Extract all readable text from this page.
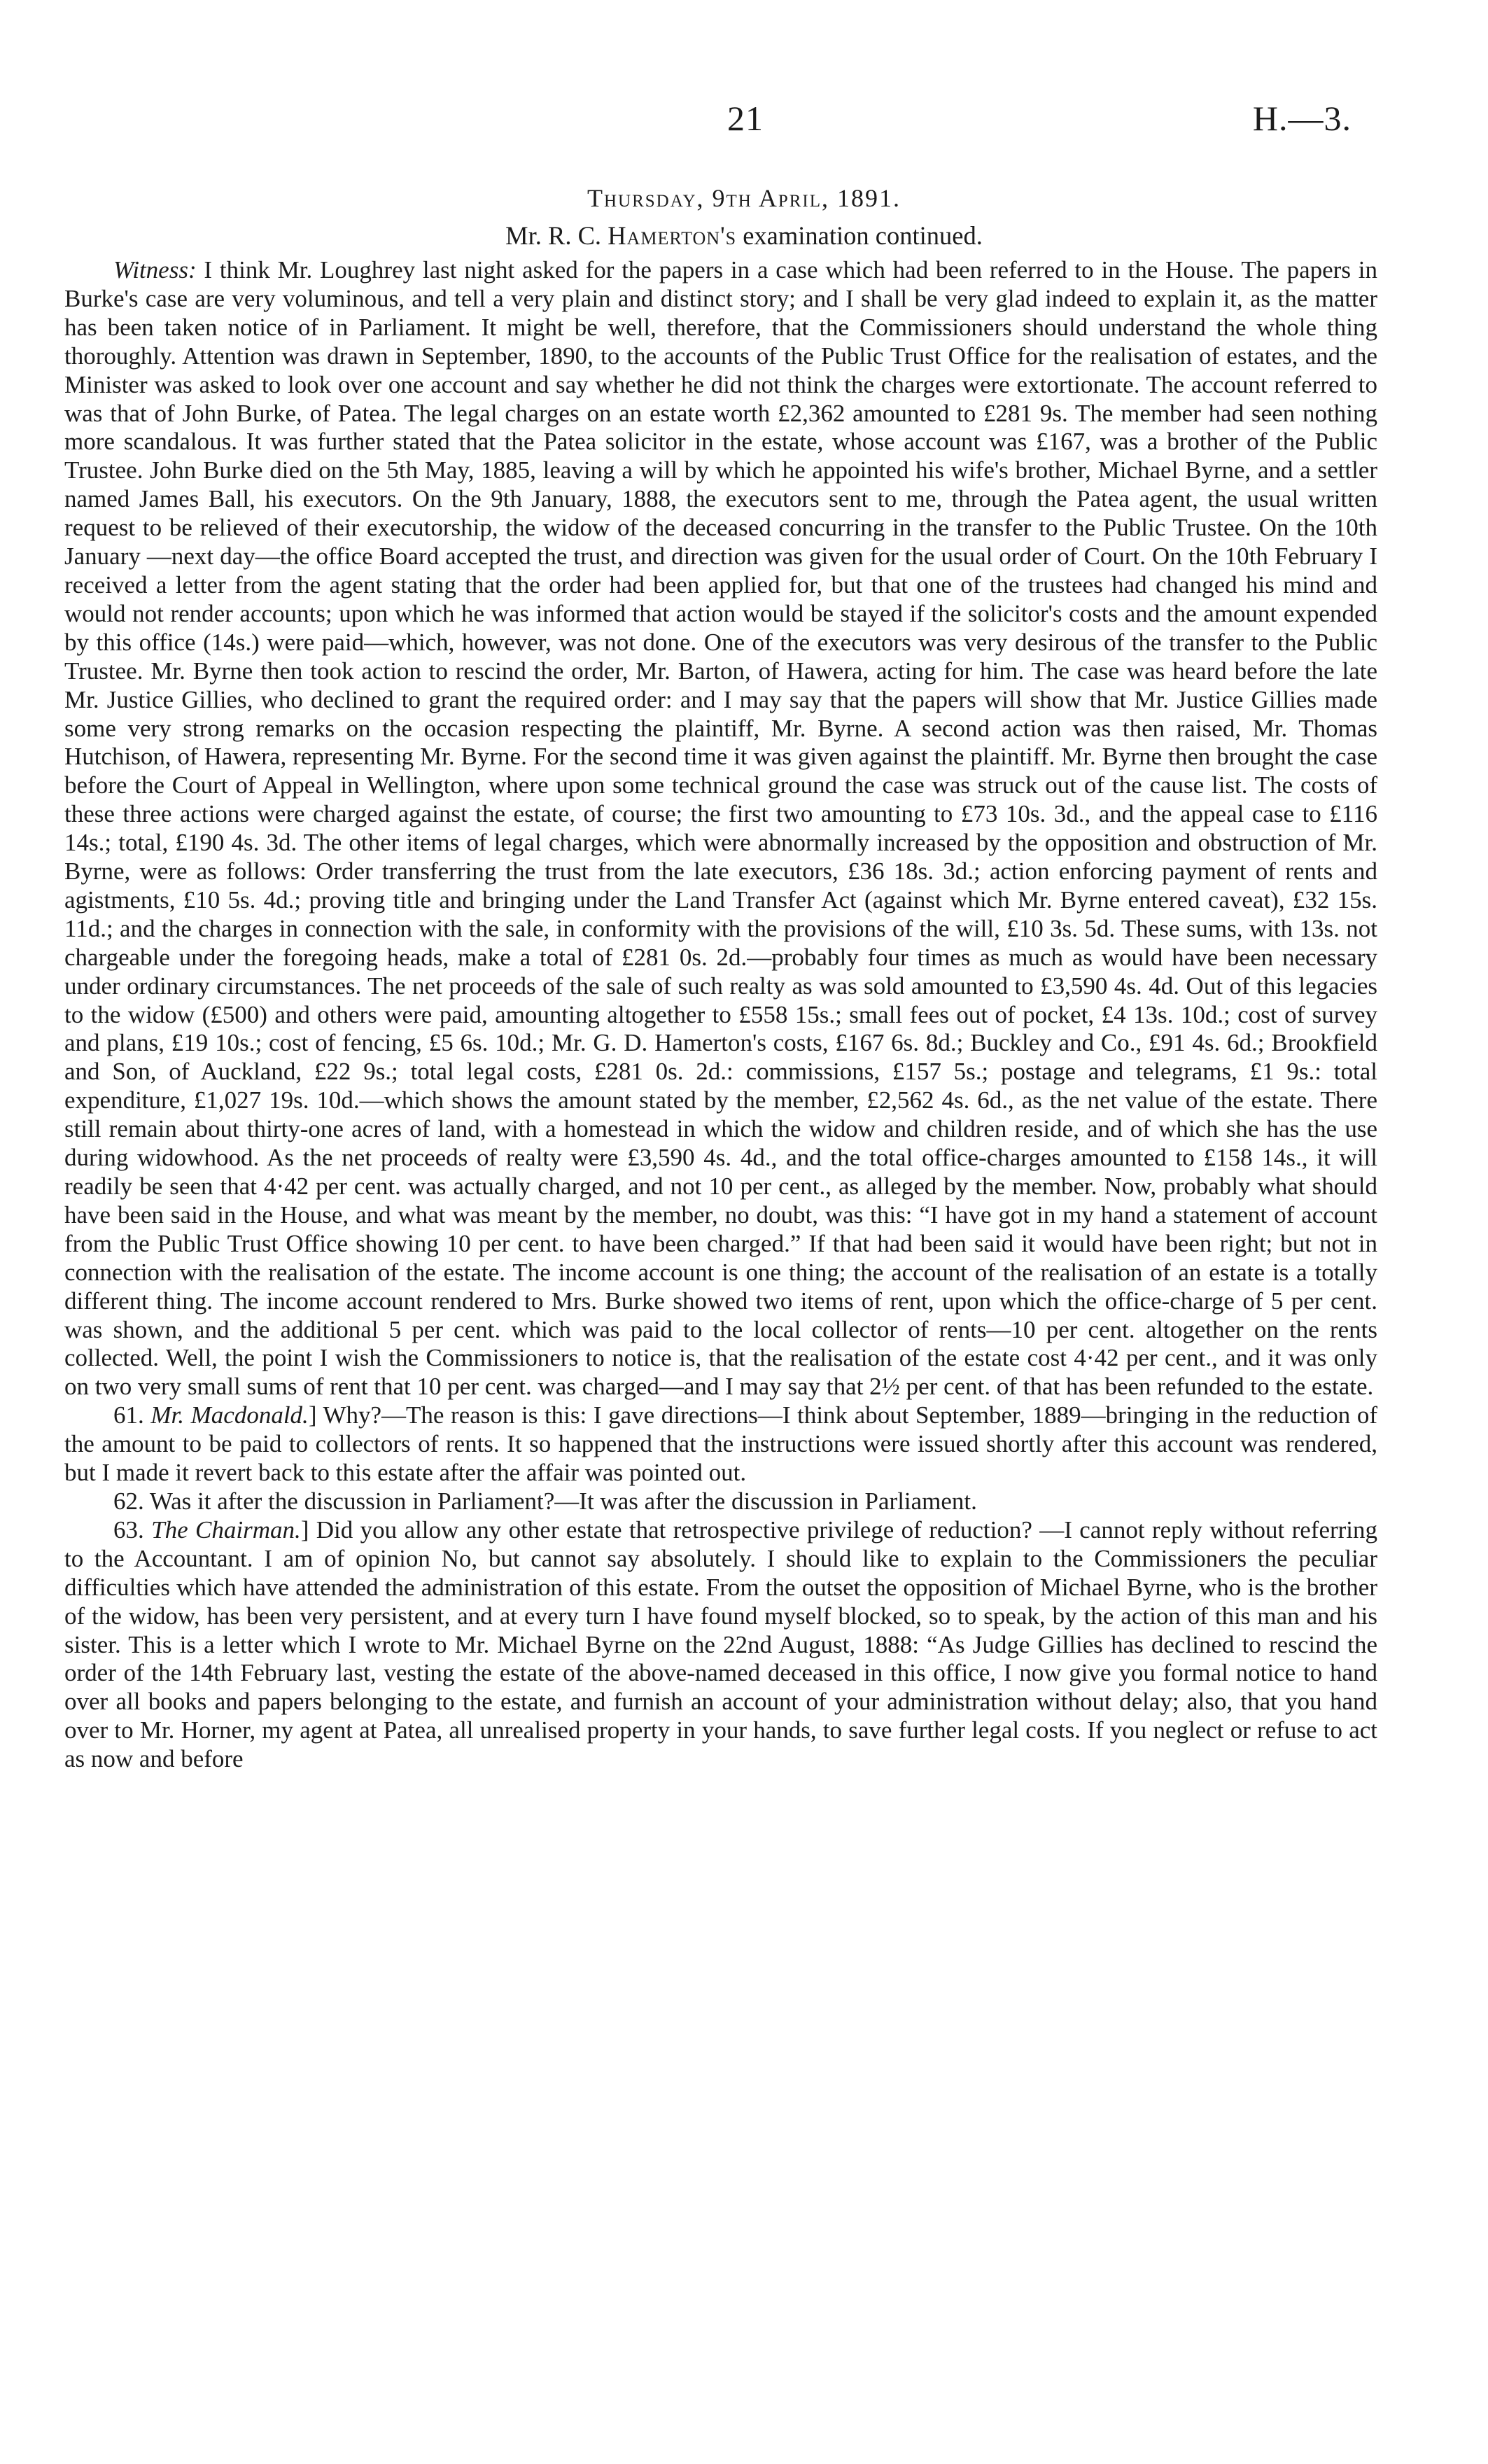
21	H.—3.
Thursday, 9th April, 1891.
Mr. R. C. Hamerton's examination continued.

Witness: I think Mr. Loughrey last night asked for the papers in a case which had been referred to in the House. The papers in Burke's case are very voluminous, and tell a very plain and distinct story; and I shall be very glad indeed to explain it, as the matter has been taken notice of in Parliament. It might be well, therefore, that the Commissioners should understand the whole thing thoroughly. Attention was drawn in September, 1890, to the accounts of the Public Trust Office for the realisation of estates, and the Minister was asked to look over one account and say whether he did not think the charges were extortionate. The account referred to was that of John Burke, of Patea. The legal charges on an estate worth £2,362 amounted to £281 9s. The member had seen nothing more scandalous. It was further stated that the Patea solicitor in the estate, whose account was £167, was a brother of the Public Trustee. John Burke died on the 5th May, 1885, leaving a will by which he appointed his wife's brother, Michael Byrne, and a settler named James Ball, his executors. On the 9th January, 1888, the executors sent to me, through the Patea agent, the usual written request to be relieved of their executorship, the widow of the deceased concurring in the transfer to the Public Trustee. On the 10th January —next day—the office Board accepted the trust, and direction was given for the usual order of Court. On the 10th February I received a letter from the agent stating that the order had been applied for, but that one of the trustees had changed his mind and would not render accounts; upon which he was informed that action would be stayed if the solicitor's costs and the amount expended by this office (14s.) were paid—which, however, was not done. One of the executors was very desirous of the transfer to the Public Trustee. Mr. Byrne then took action to rescind the order, Mr. Barton, of Hawera, acting for him. The case was heard before the late Mr. Justice Gillies, who declined to grant the required order: and I may say that the papers will show that Mr. Justice Gillies made some very strong remarks on the occasion respecting the plaintiff, Mr. Byrne. A second action was then raised, Mr. Thomas Hutchison, of Hawera, representing Mr. Byrne. For the second time it was given against the plaintiff. Mr. Byrne then brought the case before the Court of Appeal in Wellington, where upon some technical ground the case was struck out of the cause list. The costs of these three actions were charged against the estate, of course; the first two amounting to £73 10s. 3d., and the appeal case to £116 14s.; total, £190 4s. 3d. The other items of legal charges, which were abnormally increased by the opposition and obstruction of Mr. Byrne, were as follows: Order transferring the trust from the late executors, £36 18s. 3d.; action enforcing payment of rents and agistments, £10 5s. 4d.; proving title and bringing under the Land Transfer Act (against which Mr. Byrne entered caveat), £32 15s. 11d.; and the charges in connection with the sale, in conformity with the provisions of the will, £10 3s. 5d. These sums, with 13s. not chargeable under the foregoing heads, make a total of £281 0s. 2d.—probably four times as much as would have been necessary under ordinary circumstances. The net proceeds of the sale of such realty as was sold amounted to £3,590 4s. 4d. Out of this legacies to the widow (£500) and others were paid, amounting altogether to £558 15s.; small fees out of pocket, £4 13s. 10d.; cost of survey and plans, £19 10s.; cost of fencing, £5 6s. 10d.; Mr. G. D. Hamerton's costs, £167 6s. 8d.; Buckley and Co., £91 4s. 6d.; Brookfield and Son, of Auckland, £22 9s.; total legal costs, £281 0s. 2d.: commissions, £157 5s.; postage and telegrams, £1 9s.: total expenditure, £1,027 19s. 10d.—which shows the amount stated by the member, £2,562 4s. 6d., as the net value of the estate. There still remain about thirty-one acres of land, with a homestead in which the widow and children reside, and of which she has the use during widowhood. As the net proceeds of realty were £3,590 4s. 4d., and the total office-charges amounted to £158 14s., it will readily be seen that 4·42 per cent. was actually charged, and not 10 per cent., as alleged by the member. Now, probably what should have been said in the House, and what was meant by the member, no doubt, was this: “I have got in my hand a statement of account from the Public Trust Office showing 10 per cent. to have been charged.” If that had been said it would have been right; but not in connection with the realisation of the estate. The income account is one thing; the account of the realisation of an estate is a totally different thing. The income account rendered to Mrs. Burke showed two items of rent, upon which the office-charge of 5 per cent. was shown, and the additional 5 per cent. which was paid to the local collector of rents—10 per cent. altogether on the rents collected. Well, the point I wish the Commissioners to notice is, that the realisation of the estate cost 4·42 per cent., and it was only on two very small sums of rent that 10 per cent. was charged—and I may say that 2½ per cent. of that has been refunded to the estate.

61. Mr. Macdonald.] Why?—The reason is this: I gave directions—I think about September, 1889—bringing in the reduction of the amount to be paid to collectors of rents. It so happened that the instructions were issued shortly after this account was rendered, but I made it revert back to this estate after the affair was pointed out.

62. Was it after the discussion in Parliament?—It was after the discussion in Parliament.

63. The Chairman.] Did you allow any other estate that retrospective privilege of reduction? —I cannot reply without referring to the Accountant. I am of opinion No, but cannot say absolutely. I should like to explain to the Commissioners the peculiar difficulties which have attended the administration of this estate. From the outset the opposition of Michael Byrne, who is the brother of the widow, has been very persistent, and at every turn I have found myself blocked, so to speak, by the action of this man and his sister. This is a letter which I wrote to Mr. Michael Byrne on the 22nd August, 1888: “As Judge Gillies has declined to rescind the order of the 14th February last, vesting the estate of the above-named deceased in this office, I now give you formal notice to hand over all books and papers belonging to the estate, and furnish an account of your administration without delay; also, that you hand over to Mr. Horner, my agent at Patea, all unrealised property in your hands, to save further legal costs. If you neglect or refuse to act as now and before
